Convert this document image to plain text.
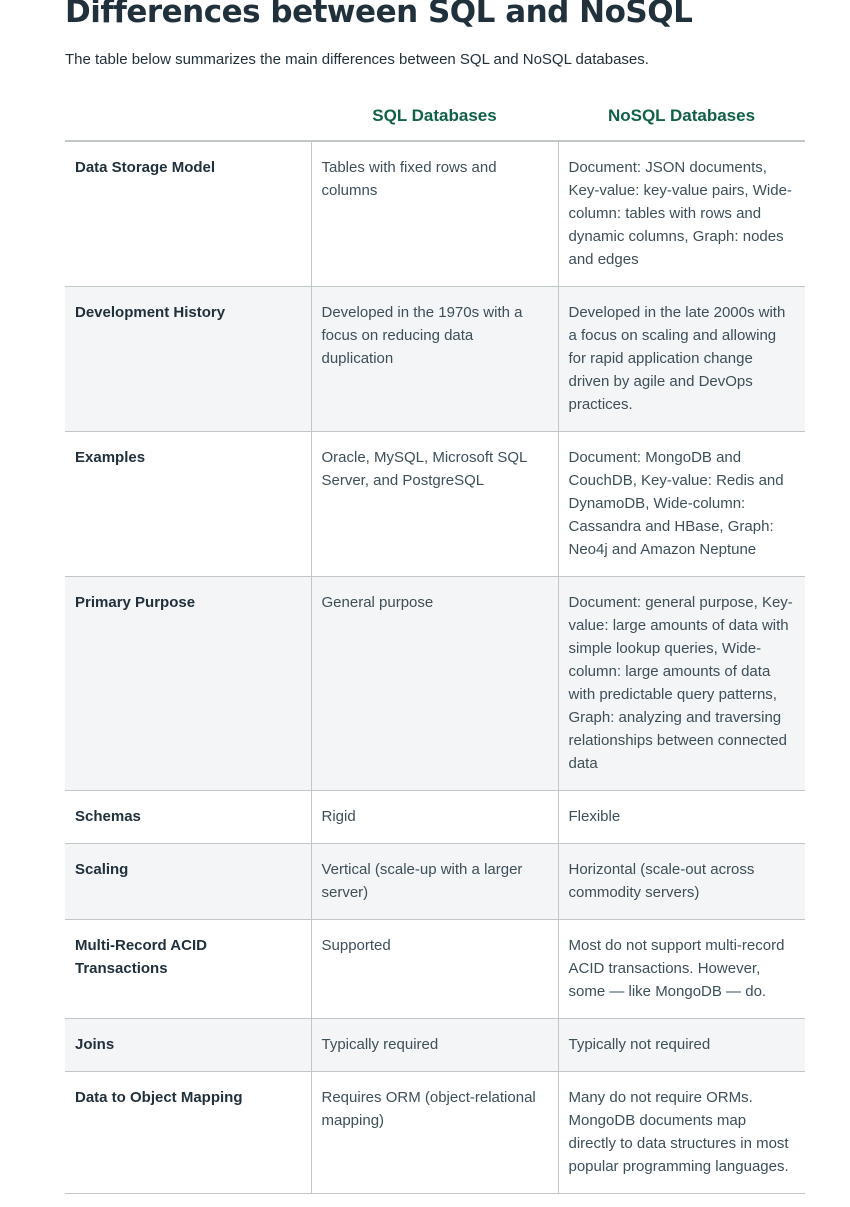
Differences between SQL and NoSQL

The table below summarizes the main differences between SQL and NoSQL databases.

	SQL Databases	NoSQL Databases
Data Storage Model	Tables with fixed rows and columns	Document: JSON documents, Key-value: key-value pairs, Wide-column: tables with rows and dynamic columns, Graph: nodes and edges
Development History	Developed in the 1970s with a focus on reducing data duplication	Developed in the late 2000s with a focus on scaling and allowing for rapid application change driven by agile and DevOps practices.
Examples	Oracle, MySQL, Microsoft SQL Server, and PostgreSQL	Document: MongoDB and CouchDB, Key-value: Redis and DynamoDB, Wide-column: Cassandra and HBase, Graph: Neo4j and Amazon Neptune
Primary Purpose	General purpose	Document: general purpose, Key-value: large amounts of data with simple lookup queries, Wide-column: large amounts of data with predictable query patterns, Graph: analyzing and traversing relationships between connected data
Schemas	Rigid	Flexible
Scaling	Vertical (scale-up with a larger server)	Horizontal (scale-out across commodity servers)
Multi-Record ACID Transactions	Supported	Most do not support multi-record ACID transactions. However, some — like MongoDB — do.
Joins	Typically required	Typically not required
Data to Object Mapping	Requires ORM (object-relational mapping)	Many do not require ORMs. MongoDB documents map directly to data structures in most popular programming languages.
